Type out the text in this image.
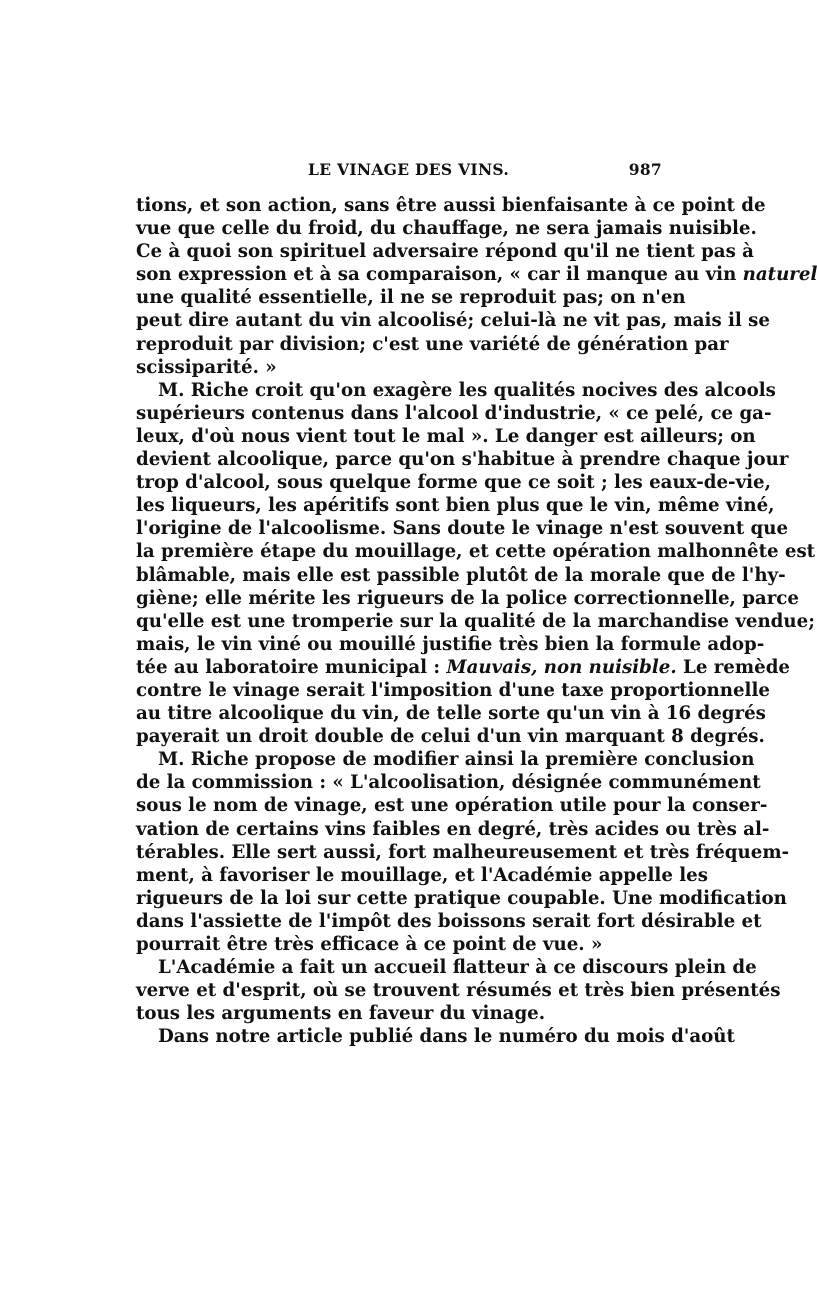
LE VINAGE DES VINS.	987
tions, et son action, sans être aussi bienfaisante à ce point de
vue que celle du froid, du chauffage, ne sera jamais nuisible.
Ce à quoi son spirituel adversaire répond qu'il ne tient pas à
son expression et à sa comparaison, « car il manque au vin naturel
une qualité essentielle, il ne se reproduit pas; on n'en
peut dire autant du vin alcoolisé; celui-là ne vit pas, mais il se
reproduit par division; c'est une variété de génération par
scissiparité. »
M. Riche croit qu'on exagère les qualités nocives des alcools
supérieurs contenus dans l'alcool d'industrie, « ce pelé, ce ga-
leux, d'où nous vient tout le mal ». Le danger est ailleurs; on
devient alcoolique, parce qu'on s'habitue à prendre chaque jour
trop d'alcool, sous quelque forme que ce soit ; les eaux-de-vie,
les liqueurs, les apéritifs sont bien plus que le vin, même viné,
l'origine de l'alcoolisme. Sans doute le vinage n'est souvent que
la première étape du mouillage, et cette opération malhonnête est
blâmable, mais elle est passible plutôt de la morale que de l'hy-
giène; elle mérite les rigueurs de la police correctionnelle, parce
qu'elle est une tromperie sur la qualité de la marchandise vendue;
mais, le vin viné ou mouillé justifie très bien la formule adop-
tée au laboratoire municipal : Mauvais, non nuisible. Le remède
contre le vinage serait l'imposition d'une taxe proportionnelle
au titre alcoolique du vin, de telle sorte qu'un vin à 16 degrés
payerait un droit double de celui d'un vin marquant 8 degrés.
M. Riche propose de modifier ainsi la première conclusion
de la commission : « L'alcoolisation, désignée communément
sous le nom de vinage, est une opération utile pour la conser-
vation de certains vins faibles en degré, très acides ou très al-
térables. Elle sert aussi, fort malheureusement et très fréquem-
ment, à favoriser le mouillage, et l'Académie appelle les
rigueurs de la loi sur cette pratique coupable. Une modification
dans l'assiette de l'impôt des boissons serait fort désirable et
pourrait être très efficace à ce point de vue. »
L'Académie a fait un accueil flatteur à ce discours plein de
verve et d'esprit, où se trouvent résumés et très bien présentés
tous les arguments en faveur du vinage.
Dans notre article publié dans le numéro du mois d'août
